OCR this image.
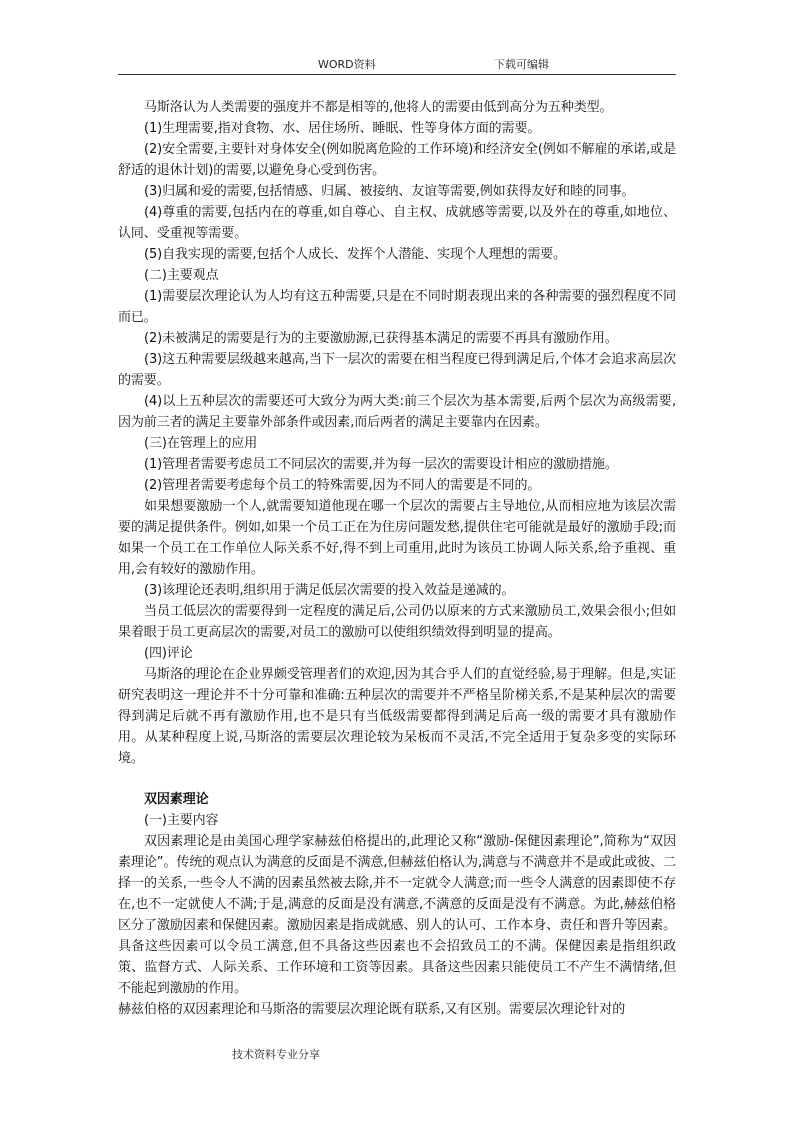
WORD资料	下载可编辑

马斯洛认为人类需要的强度并不都是相等的,他将人的需要由低到高分为五种类型。

(1)生理需要,指对食物、水、居住场所、睡眠、性等身体方面的需要。

(2)安全需要,主要针对身体安全(例如脱离危险的工作环境)和经济安全(例如不解雇的承诺,或是舒适的退休计划)的需要,以避免身心受到伤害。

(3)归属和爱的需要,包括情感、归属、被接纳、友谊等需要,例如获得友好和睦的同事。

(4)尊重的需要,包括内在的尊重,如自尊心、自主权、成就感等需要,以及外在的尊重,如地位、认同、受重视等需要。

(5)自我实现的需要,包括个人成长、发挥个人潜能、实现个人理想的需要。

(二)主要观点

(1)需要层次理论认为人均有这五种需要,只是在不同时期表现出来的各种需要的强烈程度不同而已。

(2)未被满足的需要是行为的主要激励源,已获得基本满足的需要不再具有激励作用。

(3)这五种需要层级越来越高,当下一层次的需要在相当程度已得到满足后,个体才会追求高层次的需要。

(4)以上五种层次的需要还可大致分为两大类:前三个层次为基本需要,后两个层次为高级需要,因为前三者的满足主要靠外部条件或因素,而后两者的满足主要靠内在因素。

(三)在管理上的应用

(1)管理者需要考虑员工不同层次的需要,并为每一层次的需要设计相应的激励措施。

(2)管理者需要考虑每个员工的特殊需要,因为不同人的需要是不同的。

如果想要激励一个人,就需要知道他现在哪一个层次的需要占主导地位,从而相应地为该层次需要的满足提供条件。例如,如果一个员工正在为住房问题发愁,提供住宅可能就是最好的激励手段;而如果一个员工在工作单位人际关系不好,得不到上司重用,此时为该员工协调人际关系,给予重视、重用,会有较好的激励作用。

(3)该理论还表明,组织用于满足低层次需要的投入效益是递减的。

当员工低层次的需要得到一定程度的满足后,公司仍以原来的方式来激励员工,效果会很小;但如果着眼于员工更高层次的需要,对员工的激励可以使组织绩效得到明显的提高。

(四)评论

马斯洛的理论在企业界颇受管理者们的欢迎,因为其合乎人们的直觉经验,易于理解。但是,实证研究表明这一理论并不十分可靠和准确:五种层次的需要并不严格呈阶梯关系,不是某种层次的需要得到满足后就不再有激励作用,也不是只有当低级需要都得到满足后高一级的需要才具有激励作用。从某种程度上说,马斯洛的需要层次理论较为呆板而不灵活,不完全适用于复杂多变的实际环境。

双因素理论

(一)主要内容

双因素理论是由美国心理学家赫兹伯格提出的,此理论又称“激励-保健因素理论”,简称为“双因素理论”。传统的观点认为满意的反面是不满意,但赫兹伯格认为,满意与不满意并不是或此或彼、二择一的关系,一些令人不满的因素虽然被去除,并不一定就令人满意;而一些令人满意的因素即使不存在,也不一定就使人不满;于是,满意的反面是没有满意,不满意的反面是没有不满意。为此,赫兹伯格区分了激励因素和保健因素。激励因素是指成就感、别人的认可、工作本身、责任和晋升等因素。具备这些因素可以令员工满意,但不具备这些因素也不会招致员工的不满。保健因素是指组织政策、监督方式、人际关系、工作环境和工资等因素。具备这些因素只能使员工不产生不满情绪,但不能起到激励的作用。

赫兹伯格的双因素理论和马斯洛的需要层次理论既有联系,又有区别。需要层次理论针对的

技术资料专业分享
